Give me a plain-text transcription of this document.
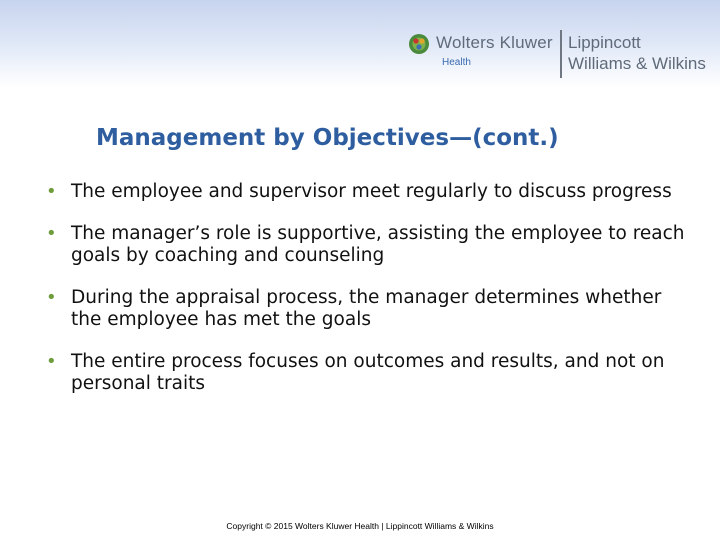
Wolters Kluwer
Health
Lippincott
Williams & Wilkins
Management by Objectives—(cont.)
• The employee and supervisor meet regularly to discuss progress
• The manager’s role is supportive, assisting the employee to reach goals by coaching and counseling
• During the appraisal process, the manager determines whether the employee has met the goals
• The entire process focuses on outcomes and results, and not on personal traits
Copyright © 2015 Wolters Kluwer Health | Lippincott Williams & Wilkins
